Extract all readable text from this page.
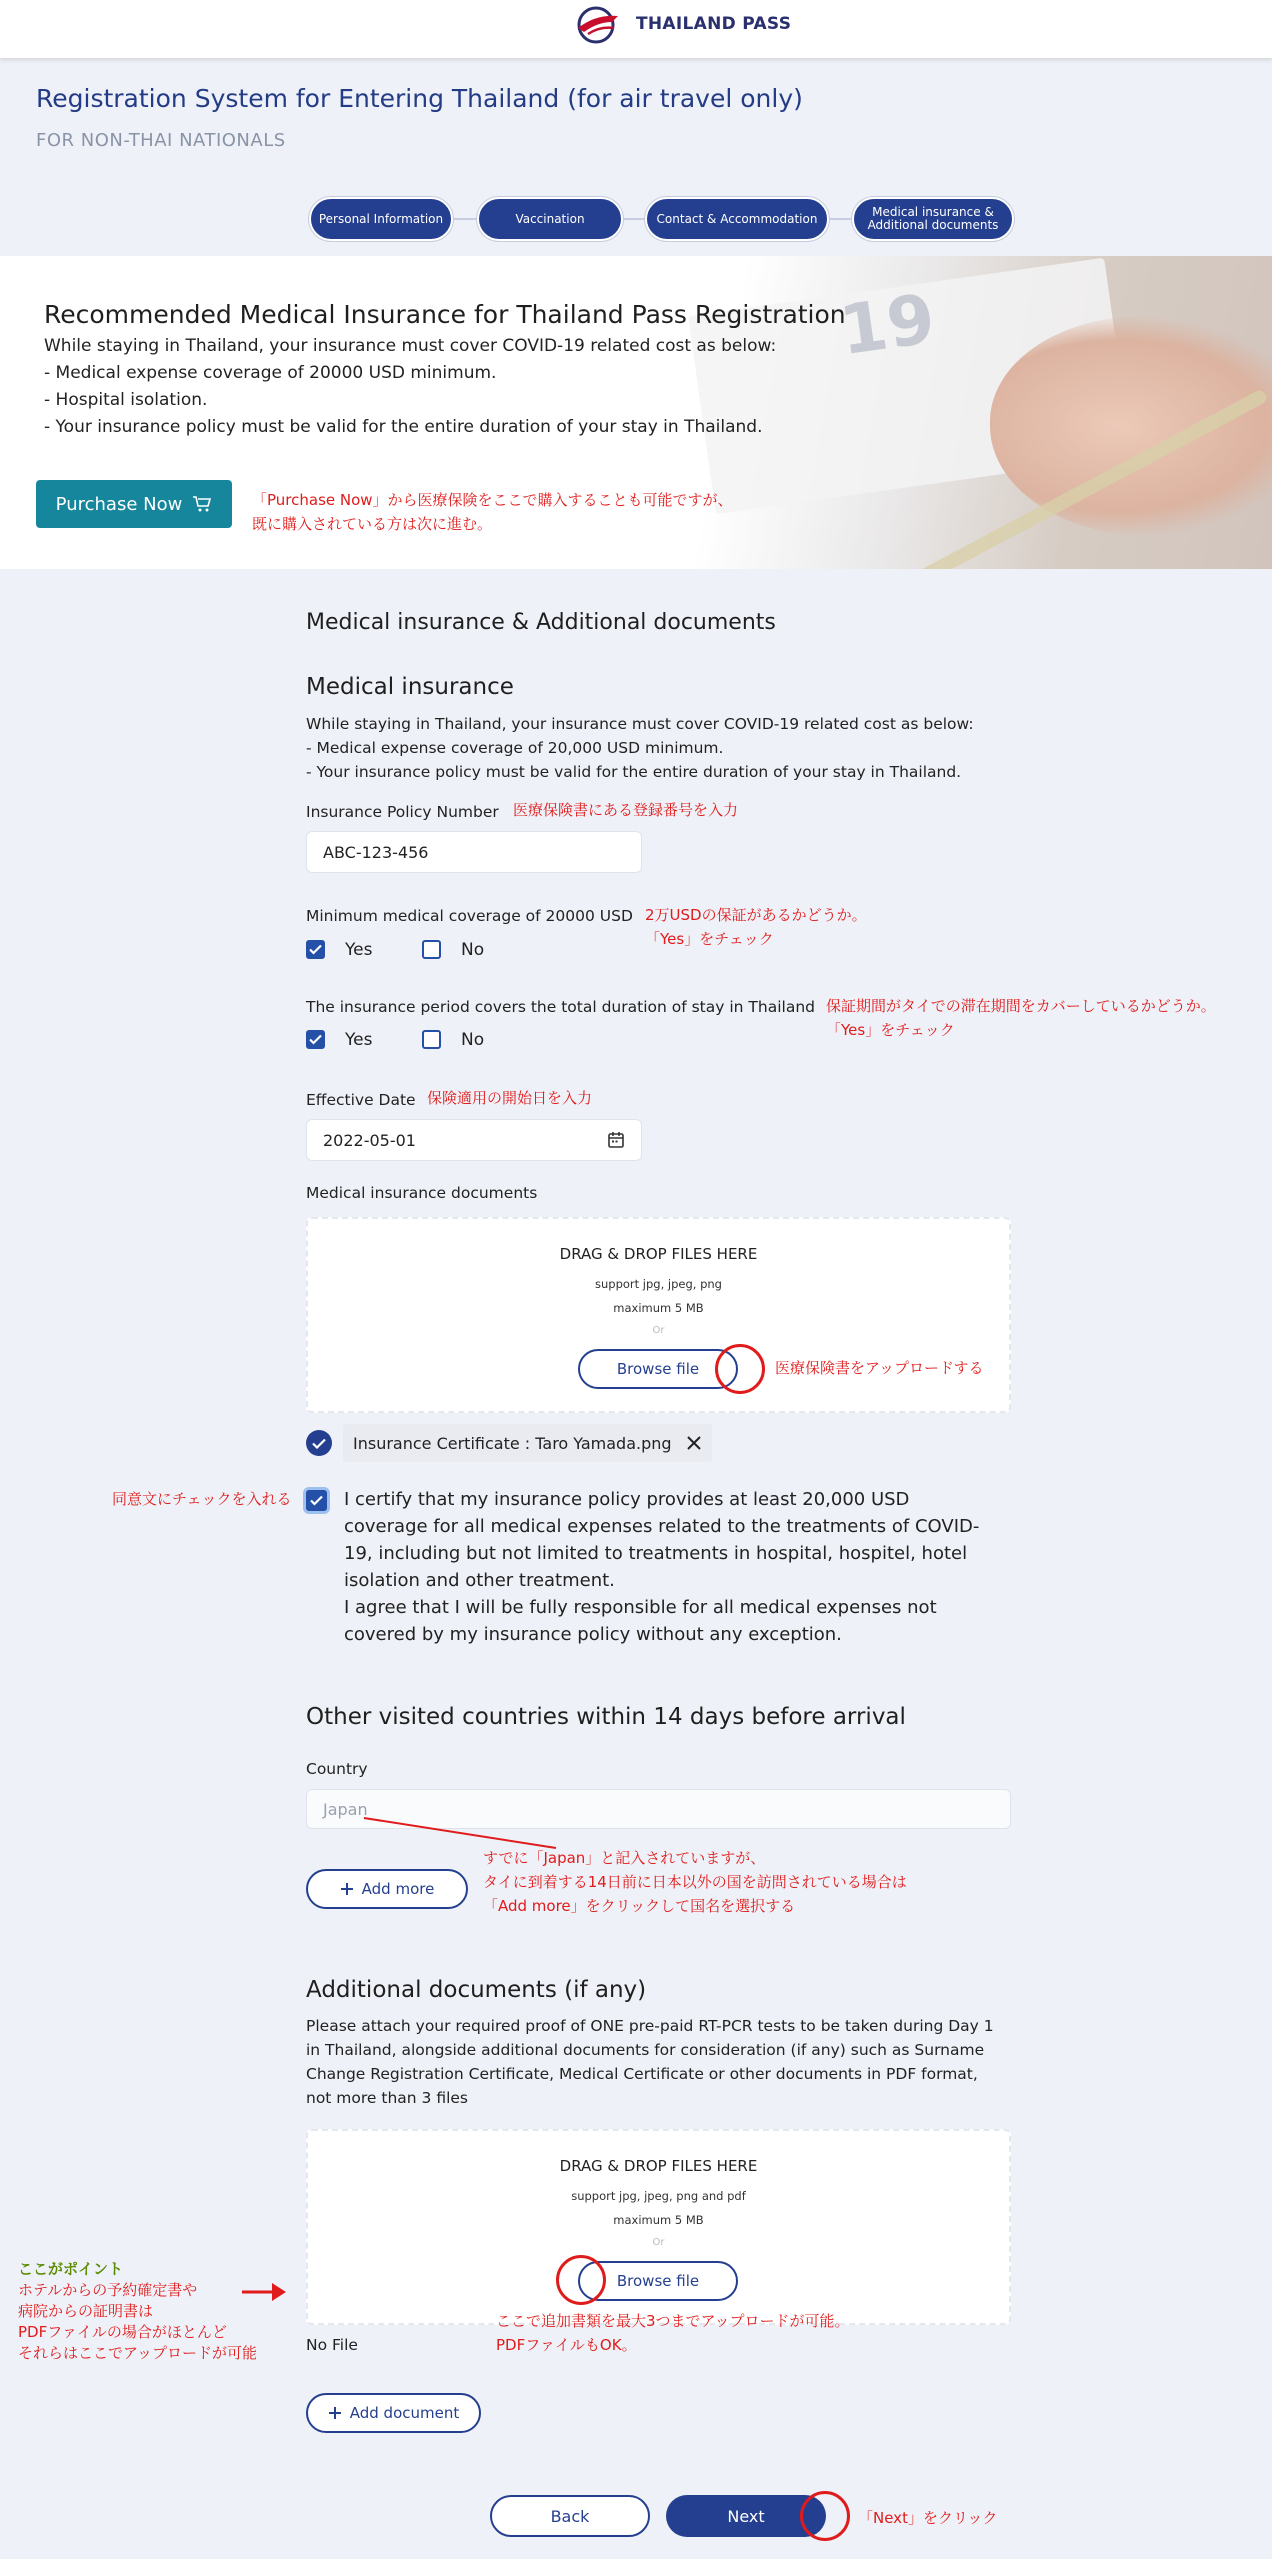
THAILAND PASS
Registration System for Entering Thailand (for air travel only)
FOR NON-THAI NATIONALS
Personal Information	Vaccination	Contact & Accommodation	Medical insurance &
Additional documents
19
Recommended Medical Insurance for Thailand Pass Registration
While staying in Thailand, your insurance must cover COVID-19 related cost as below:
- Medical expense coverage of 20000 USD minimum.
- Hospital isolation.
- Your insurance policy must be valid for the entire duration of your stay in Thailand.
Purchase Now	「Purchase Now」から医療保険をここで購入することも可能ですが、
既に購入されている方は次に進む。
Medical insurance & Additional documents
Medical insurance
While staying in Thailand, your insurance must cover COVID-19 related cost as below:
- Medical expense coverage of 20,000 USD minimum.
- Your insurance policy must be valid for the entire duration of your stay in Thailand.
Insurance Policy Number 医療保険書にある登録番号を入力
ABC-123-456
Minimum medical coverage of 20000 USD 2万USDの保証があるかどうか。
「Yes」をチェック
Yes	No
The insurance period covers the total duration of stay in Thailand 保証期間がタイでの滞在期間をカバーしているかどうか。
「Yes」をチェック
Yes	No
Effective Date 保険適用の開始日を入力
2022-05-01
Medical insurance documents
DRAG & DROP FILES HERE
support jpg, jpeg, png
maximum 5 MB
Or
Browse file	医療保険書をアップロードする
Insurance Certificate : Taro Yamada.png
同意文にチェックを入れる	I certify that my insurance policy provides at least 20,000 USD
coverage for all medical expenses related to the treatments of COVID-
19, including but not limited to treatments in hospital, hospitel, hotel
isolation and other treatment.
I agree that I will be fully responsible for all medical expenses not
covered by my insurance policy without any exception.
Other visited countries within 14 days before arrival
Country
Japan
すでに「Japan」と記入されていますが、
タイに到着する14日前に日本以外の国を訪問されている場合は
「Add more」をクリックして国名を選択する
Add more
Additional documents (if any)
Please attach your required proof of ONE pre-paid RT-PCR tests to be taken during Day 1
in Thailand, alongside additional documents for consideration (if any) such as Surname
Change Registration Certificate, Medical Certificate or other documents in PDF format,
not more than 3 files
DRAG & DROP FILES HERE
support jpg, jpeg, png and pdf
maximum 5 MB
Or
Browse file
ここがポイント
ホテルからの予約確定書や
病院からの証明書は
PDFファイルの場合がほとんど
それらはここでアップロードが可能
ここで追加書類を最大3つまでアップロードが可能。
PDFファイルもOK。
No File
Add document
Back	Next	「Next」をクリック
